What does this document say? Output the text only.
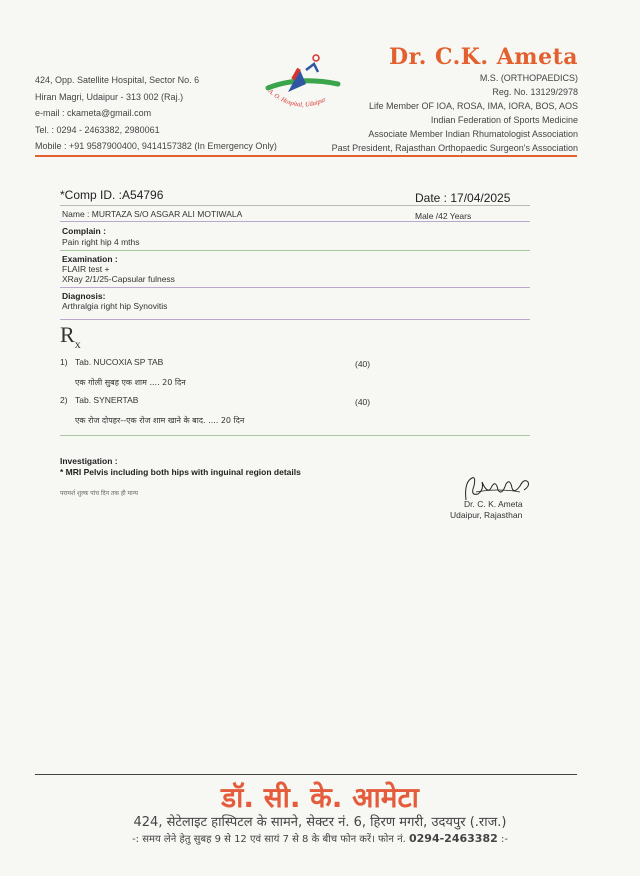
424, Opp. Satellite Hospital, Sector No. 6
Hiran Magri, Udaipur - 313 002 (Raj.)
e-mail : ckameta@gmail.com
Tel. : 0294 - 2463382, 2980061
Mobile : +91 9587900400, 9414157382 (In Emergency Only)
A. O. Hospital, Udaipur
Dr. C.K. Ameta
M.S. (ORTHOPAEDICS)
Reg. No. 13129/2978
Life Member OF IOA, ROSA, IMA, IORA, BOS, AOS
Indian Federation of Sports Medicine
Associate Member Indian Rhumatologist Association
Past President, Rajasthan Orthopaedic Surgeon's Association
*Comp ID. :A54796	Date : 17/04/2025
Name : MURTAZA S/O ASGAR ALI MOTIWALA	Male /42 Years
Complain :
Pain right hip 4 mths
Examination :
FLAIR test +
XRay 2/1/25-Capsular fulness
Diagnosis:
Arthralgia right hip Synovitis
$R_x$
1) Tab. NUCOXIA SP TAB	(40)
एक गोली सुबह एक शाम .... 20 दिन
2) Tab. SYNERTAB	(40)
एक रोज दोपहर--एक रोज शाम खाने के बाद. .... 20 दिन
Investigation :
* MRI Pelvis including both hips with inguinal region details
परामर्श शुल्क पांच दिन तक ही मान्य
Dr. C. K. Ameta
Udaipur, Rajasthan
डॉ. सी. के. आमेटा
424, सेटेलाइट हास्पिटल के सामने, सेक्टर नं. 6, हिरण मगरी, उदयपुर (.राज.)
-: समय लेने हेतु सुबह 9 से 12 एवं सायं 7 से 8 के बीच फोन करें। फोन नं. 0294-2463382 :-
